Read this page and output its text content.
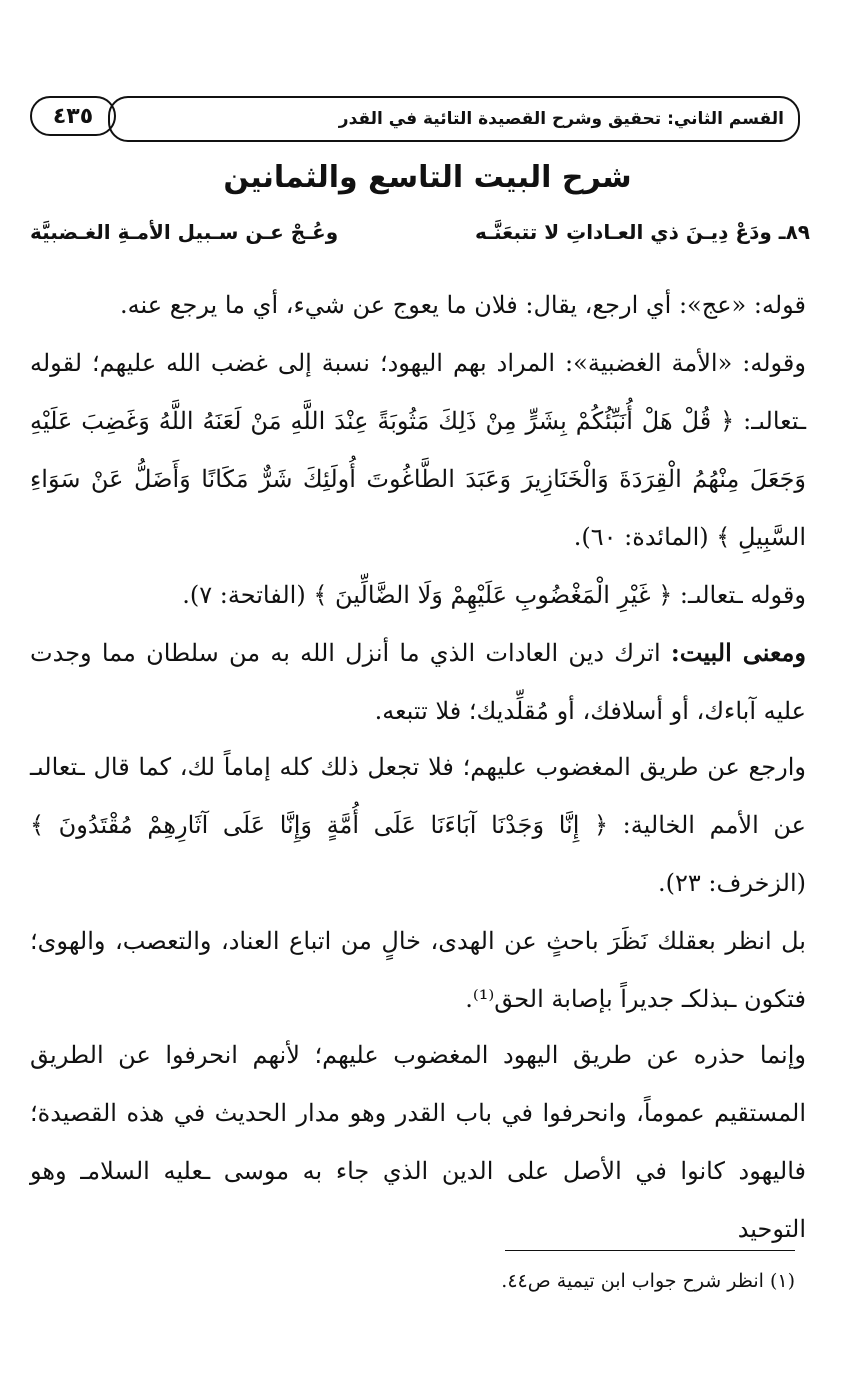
٤٣٥	القسم الثاني: تحقيق وشرح القصيدة التائية في القدر
شرح البيت التاسع والثمانين
٨٩ـ ودَعْ دِيـنَ ذي العـاداتِ لا تتبعَنَّـه
وعُـجْ عـن سـبيل الأمـةِ الغـضبيَّة
قوله: «عج»: أي ارجع، يقال: فلان ما يعوج عن شيء، أي ما يرجع عنه.
وقوله: «الأمة الغضبية»: المراد بهم اليهود؛ نسبة إلى غضب الله عليهم؛ لقوله ـتعالىـ: ﴿ قُلْ هَلْ أُنَبِّئُكُمْ بِشَرٍّ مِنْ ذَلِكَ مَثُوبَةً عِنْدَ اللَّهِ مَنْ لَعَنَهُ اللَّهُ وَغَضِبَ عَلَيْهِ وَجَعَلَ مِنْهُمُ الْقِرَدَةَ وَالْخَنَازِيرَ وَعَبَدَ الطَّاغُوتَ أُولَئِكَ شَرٌّ مَكَانًا وَأَضَلُّ عَنْ سَوَاءِ السَّبِيلِ ﴾ (المائدة: ٦٠).
وقوله ـتعالىـ: ﴿ غَيْرِ الْمَغْضُوبِ عَلَيْهِمْ وَلَا الضَّالِّينَ ﴾ (الفاتحة: ٧).
ومعنى البيت: اترك دين العادات الذي ما أنزل الله به من سلطان مما وجدت عليه آباءك، أو أسلافك، أو مُقلِّديك؛ فلا تتبعه.
وارجع عن طريق المغضوب عليهم؛ فلا تجعل ذلك كله إماماً لك، كما قال ـتعالىـ عن الأمم الخالية: ﴿ إِنَّا وَجَدْنَا آبَاءَنَا عَلَى أُمَّةٍ وَإِنَّا عَلَى آثَارِهِمْ مُقْتَدُونَ ﴾ (الزخرف: ٢٣).
بل انظر بعقلك نَظَرَ باحثٍ عن الهدى، خالٍ من اتباع العناد، والتعصب، والهوى؛ فتكون ـبذلكـ جديراً بإصابة الحق⁽¹⁾.
وإنما حذره عن طريق اليهود المغضوب عليهم؛ لأنهم انحرفوا عن الطريق المستقيم عموماً، وانحرفوا في باب القدر وهو مدار الحديث في هذه القصيدة؛ فاليهود كانوا في الأصل على الدين الذي جاء به موسى ـعليه السلامـ وهو التوحيد
(١) انظر شرح جواب ابن تيمية ص٤٤.
